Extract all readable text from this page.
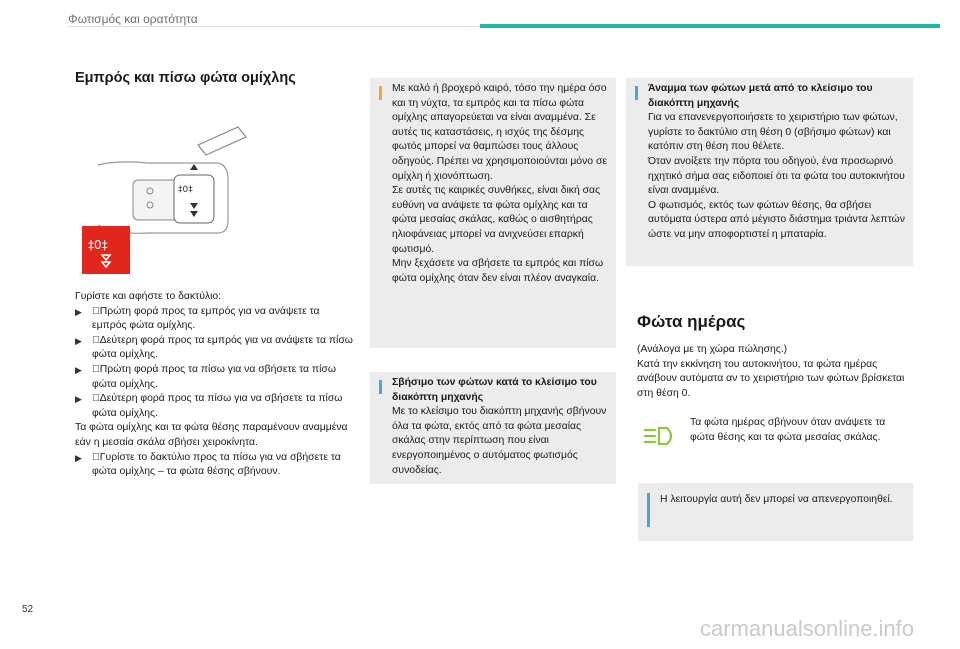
Φωτισμός και ορατότητα
Εμπρός και πίσω φώτα ομίχλης
‡0‡
‡0‡

Γυρίστε και αφήστε το δακτύλιο:

▶ Πρώτη φορά προς τα εμπρός για να ανάψετε τα εμπρός φώτα ομίχλης.

▶ Δεύτερη φορά προς τα εμπρός για να ανάψετε τα πίσω φώτα ομίχλης.

▶ Πρώτη φορά προς τα πίσω για να σβήσετε τα πίσω φώτα ομίχλης.

▶ Δεύτερη φορά προς τα πίσω για να σβήσετε τα πίσω φώτα ομίχλης.

Τα φώτα ομίχλης και τα φώτα θέσης παραμένουν αναμμένα εάν η μεσαία σκάλα σβήσει χειροκίνητα.

▶ Γυρίστε το δακτύλιο προς τα πίσω για να σβήσετε τα φώτα ομίχλης – τα φώτα θέσης σβήνουν.

Με καλό ή βροχερό καιρό, τόσο την ημέρα όσο και τη νύχτα, τα εμπρός και τα πίσω φώτα ομίχλης απαγορεύεται να είναι αναμμένα. Σε αυτές τις καταστάσεις, η ισχύς της δέσμης φωτός μπορεί να θαμπώσει τους άλλους οδηγούς. Πρέπει να χρησιμοποιούνται μόνο σε ομίχλη ή χιονόπτωση.

Σε αυτές τις καιρικές συνθήκες, είναι δική σας ευθύνη να ανάψετε τα φώτα ομίχλης και τα φώτα μεσαίας σκάλας, καθώς ο αισθητήρας ηλιοφάνειας μπορεί να ανιχνεύσει επαρκή φωτισμό.

Μην ξεχάσετε να σβήσετε τα εμπρός και πίσω φώτα ομίχλης όταν δεν είναι πλέον αναγκαία.

Σβήσιμο των φώτων κατά το κλείσιμο του διακόπτη μηχανής

Με το κλείσιμο του διακόπτη μηχανής σβήνουν όλα τα φώτα, εκτός από τα φώτα μεσαίας σκάλας στην περίπτωση που είναι ενεργοποιημένος ο αυτόματος φωτισμός συνοδείας.

Άναμμα των φώτων μετά από το κλείσιμο του διακόπτη μηχανής

Για να επανενεργοποιήσετε το χειριστήριο των φώτων, γυρίστε το δακτύλιο στη θέση 0 (σβήσιμο φώτων) και κατόπιν στη θέση που θέλετε.

Όταν ανοίξετε την πόρτα του οδηγού, ένα προσωρινό ηχητικό σήμα σας ειδοποιεί ότι τα φώτα του αυτοκινήτου είναι αναμμένα.

Ο φωτισμός, εκτός των φώτων θέσης, θα σβήσει αυτόματα ύστερα από μέγιστο διάστημα τριάντα λεπτών ώστε να μην αποφορτιστεί η μπαταρία.

Φώτα ημέρας

(Ανάλογα με τη χώρα πώλησης.)

Κατά την εκκίνηση του αυτοκινήτου, τα φώτα ημέρας ανάβουν αυτόματα αν το χειριστήριο των φώτων βρίσκεται στη θέση 0.

Τα φώτα ημέρας σβήνουν όταν ανάψετε τα φώτα θέσης και τα φώτα μεσαίας σκάλας.

Η λειτουργία αυτή δεν μπορεί να απενεργοποιηθεί.

52
carmanualsonline.info
